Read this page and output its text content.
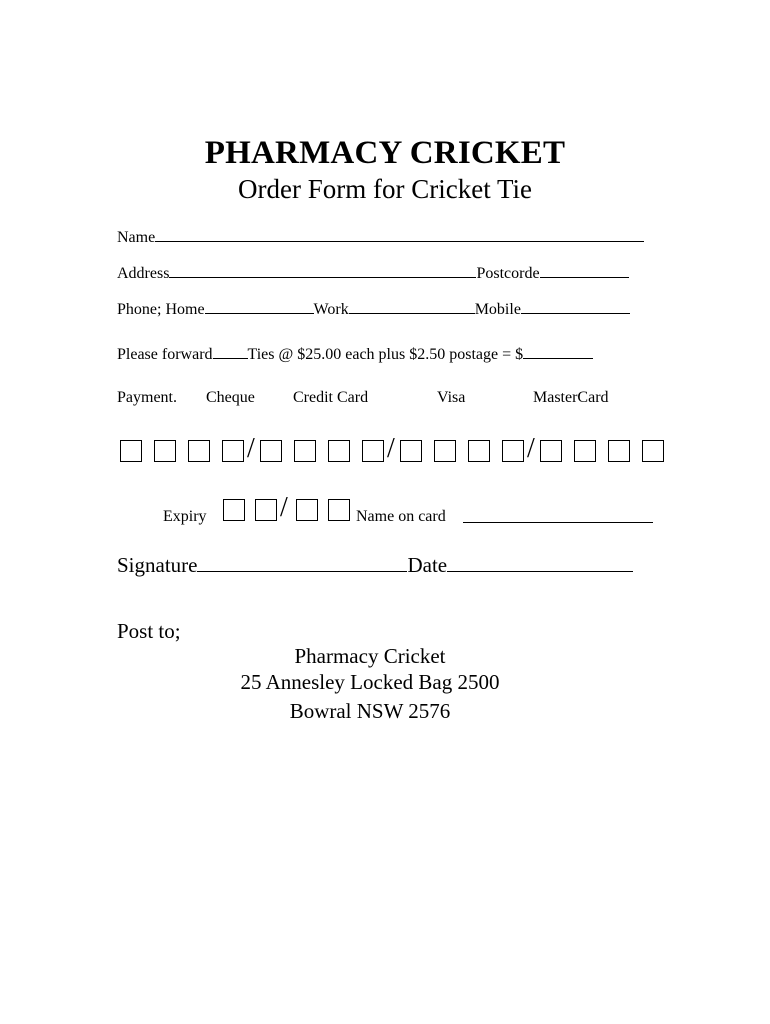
PHARMACY CRICKET
Order Form for Cricket Tie
Name
Address	Postcorde
Phone; Home	Work	Mobile
Please forward Ties @ $25.00 each plus $2.50 postage = $
Payment. Cheque Credit Card	Visa	MasterCard
/	/	/
Expiry	/	Name on card
Signature	Date
Post to;
Pharmacy Cricket
25 Annesley Locked Bag 2500
Bowral NSW 2576
